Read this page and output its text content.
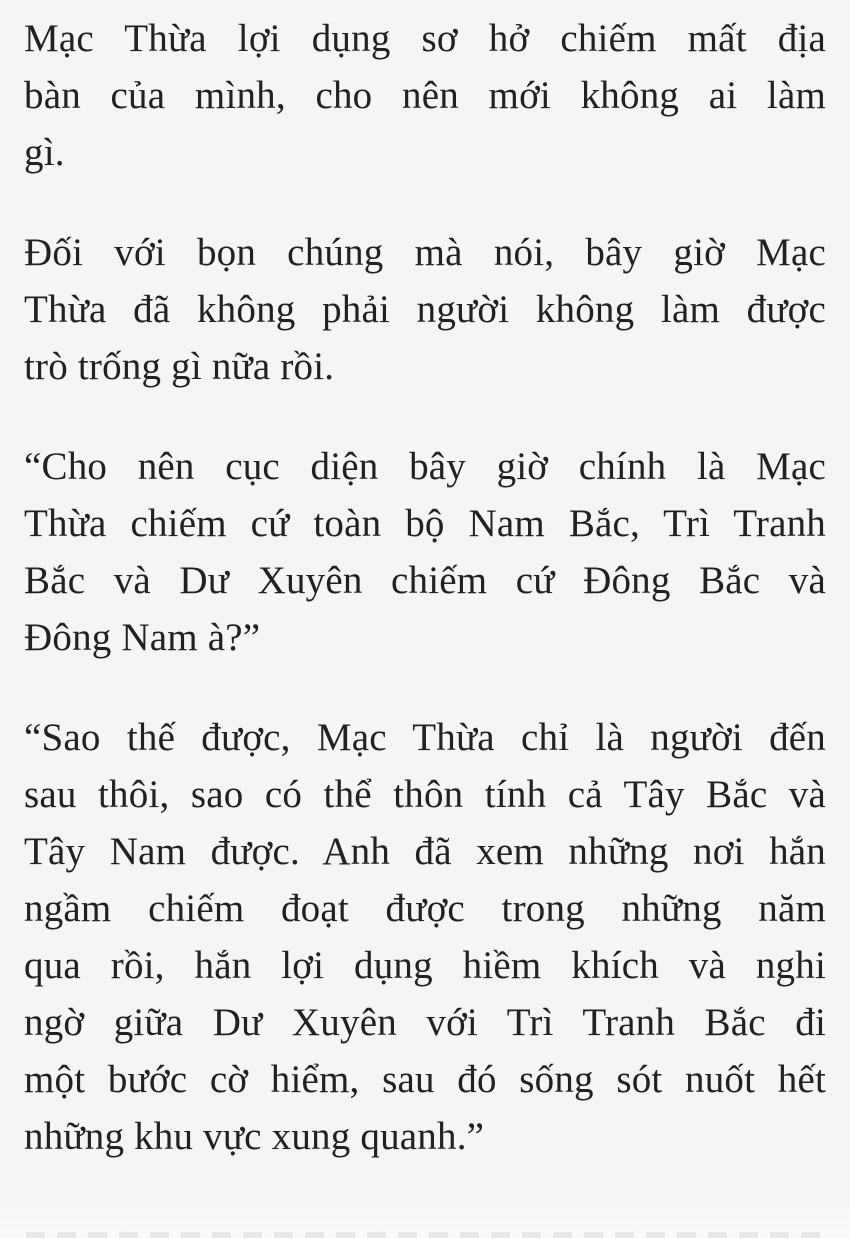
Mạc Thừa lợi dụng sơ hở chiếm mất địa
bàn của mình, cho nên mới không ai làm
gì.

Đối với bọn chúng mà nói, bây giờ Mạc
Thừa đã không phải người không làm được
trò trống gì nữa rồi.

“Cho nên cục diện bây giờ chính là Mạc
Thừa chiếm cứ toàn bộ Nam Bắc, Trì Tranh
Bắc và Dư Xuyên chiếm cứ Đông Bắc và
Đông Nam à?”

“Sao thế được, Mạc Thừa chỉ là người đến
sau thôi, sao có thể thôn tính cả Tây Bắc và
Tây Nam được. Anh đã xem những nơi hắn
ngầm chiếm đoạt được trong những năm
qua rồi, hắn lợi dụng hiềm khích và nghi
ngờ giữa Dư Xuyên với Trì Tranh Bắc đi
một bước cờ hiểm, sau đó sống sót nuốt hết
những khu vực xung quanh.”
